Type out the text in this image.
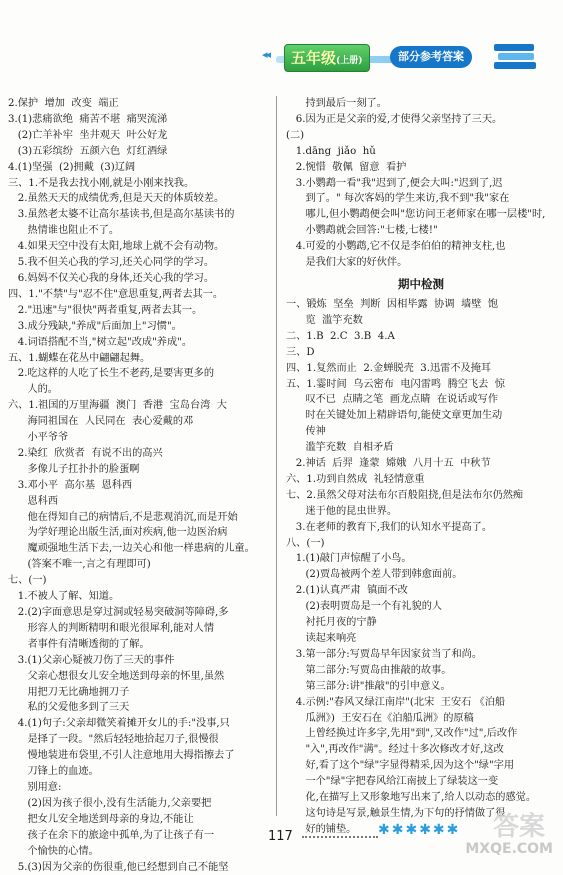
◂◂	五年级(上册)	部分参考答案
2.保护  增加  改变  端正
3.(1)悲痛欲绝  痛苦不堪  痛哭流涕
(2)亡羊补牢  坐井观天  叶公好龙
(3)五彩缤纷  五颜六色  灯红酒绿
4.(1)坚强  (2)拥戴  (3)辽阔
三、1.不是我去找小刚,就是小刚来找我。
2.虽然天天的成绩优秀,但是天天的体质较差。
3.虽然老太婆不让高尔基读书,但是高尔基读书的
热情谁也阻止不了。
4.如果天空中没有太阳,地球上就不会有动物。
5.我不但关心我的学习,还关心同学的学习。
6.妈妈不仅关心我的身体,还关心我的学习。
四、1."不禁"与"忍不住"意思重复,两者去其一。
2."迅速"与"很快"两者重复,两者去其一。
3.成分残缺,"养成"后面加上"习惯"。
4.词语搭配不当,"树立起"改成"养成"。
五、1.蝴蝶在花丛中翩翩起舞。
2.吃这样的人吃了长生不老药,是要害更多的
人的。
六、1.祖国的万里海疆  澳门  香港  宝岛台湾  大
海同祖国在  人民同在  表心爱戴的邓
小平爷爷
2.染红  欣赏者  有说不出的高兴
多像儿子扛扑扑的脸蛋啊
3.邓小平  高尔基  恩科西
恩科西
他在得知自己的病情后,不是悲观消沉,而是开始
为学好理论出版生活,面对疾病,他一边医治病
魔顽强地生活下去,一边关心和他一样患病的儿童。
(答案不唯一,言之有理即可)
七、(一)
1.不被人了解、知道。
2.(2)字面意思是穿过洞或轻易突破洞等障碍,多
形容人的判断精明和眼光很犀利,能对人情
者事件有清晰透彻的了解。
3.(1)父亲心疑被刀伤了三天的事件
父亲心想很女儿安全地送到母亲的怀里,虽然
用把刀无比确地拥刀子
私的父爱他多到了三天
4.(1)句子:父亲却微笑着摊开女儿的手:"没事,只
是择了一段。"然后轻轻地拾起刀子,很慢很
慢地装进布袋里,不引人注意地用大拇指擦去了
刀锋上的血迹。
别用意:
(2)因为孩子很小,没有生活能力,父亲要把
把女儿安全地送到母亲的身边,不能让
孩子在余下的旅途中孤单,为了让孩子有一
个愉快的心情。
5.(3)因为父亲的伤很重,他已经想到自己不能坚
持到最后一刻了。
6.因为正是父亲的爱,才使得父亲坚持了三天。
(二)
1.dāng  jiǎo  hǔ
2.惋惜  敬佩  留意  看护
3.小鹦鹉一看"我"迟到了,便会大叫:"迟到了,迟
到了。" 每次客妈的学生来访,我不到"我"家在
哪儿,但小鹦鹉便会叫"您访问王老师家在哪一层楼"时,
小鹦鹉就会回答:"七楼,七楼!"
4.可爱的小鹦鹉,它不仅是李伯伯的精神支柱,也
是我们大家的好伙伴。
期中检测
一、锻炼  坚垒  判断  因相毕露  协调  墙壁  饱
览  滥竽充数
二、1.B  2.C  3.B  4.A
三、D
四、1.复然而止  2.金蝉脱壳  3.迅雷不及掩耳
五、1.霎时间  乌云密布  电闪雷鸣  腾空飞去  惊
叹不已  点睛之笔  画龙点睛  在说话或写作
时在关键处加上精辟语句,能使文章更加生动
传神
滥竽充数  自相矛盾
2.神话  后羿  逢蒙  嫦娥  八月十五  中秋节
六、1.功到自然成  礼轻情意重
七、2.虽然父母对法布尔百般阻挠,但是法布尔仍然痴
迷于他的昆虫世界。
3.在老师的教育下,我们的认知水平提高了。
八、(一)
1.(1)敲门声惊醒了小鸟。
(2)贾岛被两个差人带到韩愈面前。
2.(1)认真严肃  镇面不改
(2)表明贾岛是一个有礼貌的人
衬托月夜的宁静
读起来响亮
3.第一部分:写贾岛早年因家贫当了和尚。
第二部分:写贾岛由推敲的故事。
第三部分:讲"推敲"的引申意义。
4.示例:"春风又绿江南岸"(北宋  王安石 《泊船
瓜洲》)  王安石在《泊船瓜洲》的原稿
上曾经换过许多字,先用"到",又改作"过",后改作
"入",再改作"满"。经过十多次修改才好,这改
好,看了这个"绿"字显得精采,因为这个"绿"字用
一个"绿"字把春风给江南披上了绿装这一变
化,在描写上又形象地写出来了,给人以动态的感觉。
这句诗是写景,触景生情,为下句的抒情做了很
好的铺垫。
117	✱✱✱✱✱✱ 答案
MXQE.COM
